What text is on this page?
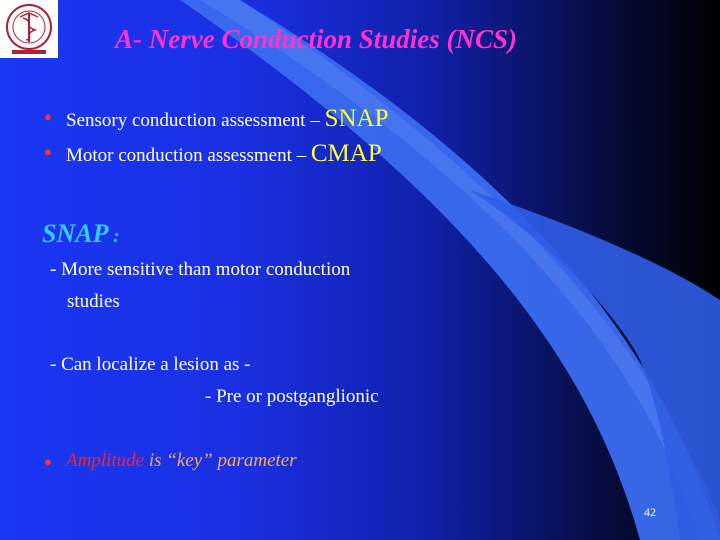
A- Nerve Conduction Studies (NCS)
● Sensory conduction assessment – SNAP
● Motor conduction assessment – CMAP
SNAP :
- More sensitive than motor conduction
studies
- Can localize a lesion as -
- Pre or postganglionic
● Amplitude is “key” parameter
42
